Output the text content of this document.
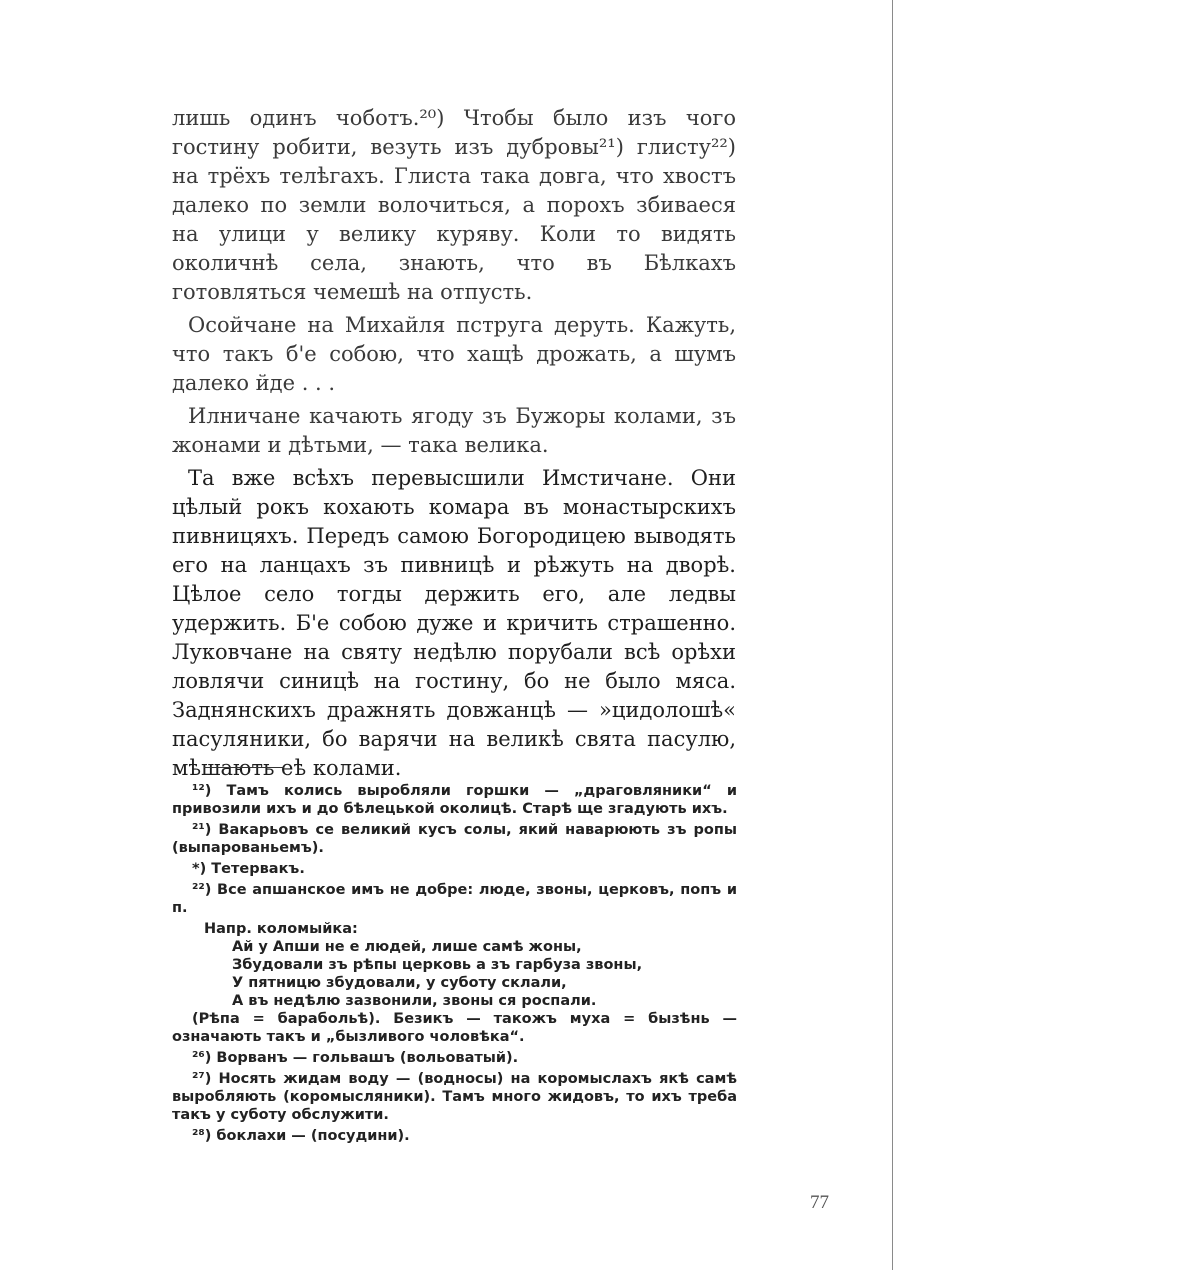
лишь одинъ чоботъ.²⁰) Чтобы было изъ чого гостину робити, везуть изъ дубровы²¹) глисту²²) на трёхъ телѣгахъ. Глиста така довга, что хвостъ далеко по земли волочиться, а порохъ збиваеся на улици у велику куряву. Коли то видять околичнѣ села, знають, что въ Бѣлкахъ готовляться чемешѣ на отпусть.

Осойчане на Михайля пструга деруть. Кажуть, что такъ б'е собою, что хащѣ дрожать, а шумъ далеко йде . . .

Илничане качають ягоду зъ Бужоры колами, зъ жонами и дѣтьми, — така велика.

Та вже всѣхъ перевысшили Имстичане. Они цѣлый рокъ кохають комара въ монастырскихъ пивницяхъ. Передъ самою Богородицею выводять его на ланцахъ зъ пивницѣ и рѣжуть на дворѣ. Цѣлое село тогды держить его, але ледвы удержить. Б'е собою дуже и кричить страшенно. Луковчане на святу недѣлю порубали всѣ орѣхи ловлячи синицѣ на гостину, бо не было мяса. Заднянскихъ дражнять довжанцѣ — »цидолошѣ« пасуляники, бо варячи на великѣ свята пасулю, мѣшають еѣ колами.

¹²) Тамъ колись выробляли горшки — „драговляники“ и привозили ихъ и до бѣлецькой околицѣ. Старѣ ще згадують ихъ.

²¹) Вакарьовъ се великий кусъ солы, який наварюють зъ ропы (выпарованьемъ).

*) Тетервакъ.

²²) Все апшанское имъ не добре: люде, звоны, церковъ, попъ и п.

Напр. коломыйка:

Ай у Апши не е людей, лише самѣ жоны,

Збудовали зъ рѣпы церковь а зъ гарбуза звоны,

У пятницю збудовали, у суботу склали,

А въ недѣлю зазвонили, звоны ся роспали.

(Рѣпа = барабольѣ). Безикъ — такожъ муха = бызѣнь — означають такъ и „бызливого чоловѣка“.

²⁶) Ворванъ — гольвашъ (вольоватый).

²⁷) Носять жидам воду — (водносы) на коромыслахъ якѣ самѣ выробляють (коромысляники). Тамъ много жидовъ, то ихъ треба такъ у суботу обслужити.

²⁸) боклахи — (посудини).

77
